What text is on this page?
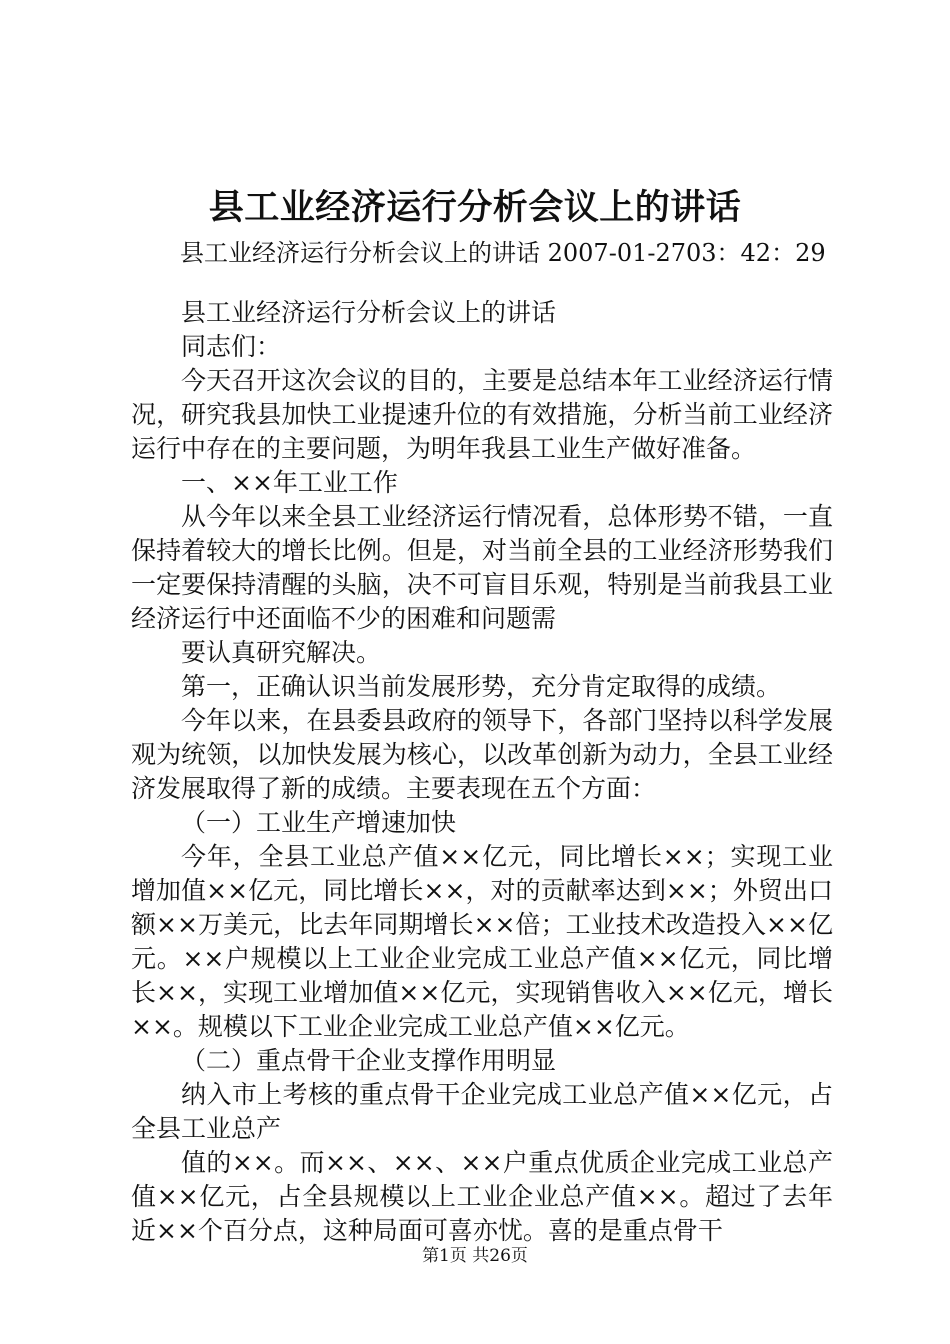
县工业经济运行分析会议上的讲话
县工业经济运行分析会议上的讲话 2007-01-2703：42：29

县工业经济运行分析会议上的讲话

同志们：

今天召开这次会议的目的，主要是总结本年工业经济运行情况，研究我县加快工业提速升位的有效措施，分析当前工业经济运行中存在的主要问题，为明年我县工业生产做好准备。

一、××年工业工作

从今年以来全县工业经济运行情况看，总体形势不错，一直保持着较大的增长比例。但是，对当前全县的工业经济形势我们一定要保持清醒的头脑，决不可盲目乐观，特别是当前我县工业经济运行中还面临不少的困难和问题需

要认真研究解决。

第一，正确认识当前发展形势，充分肯定取得的成绩。

今年以来，在县委县政府的领导下，各部门坚持以科学发展观为统领，以加快发展为核心，以改革创新为动力，全县工业经济发展取得了新的成绩。主要表现在五个方面：

（一）工业生产增速加快

今年，全县工业总产值××亿元，同比增长××；实现工业增加值××亿元，同比增长××，对的贡献率达到××；外贸出口额××万美元，比去年同期增长××倍；工业技术改造投入××亿元。××户规模以上工业企业完成工业总产值××亿元，同比增长××，实现工业增加值××亿元，实现销售收入××亿元，增长××。规模以下工业企业完成工业总产值××亿元。

（二）重点骨干企业支撑作用明显

纳入市上考核的重点骨干企业完成工业总产值××亿元，占全县工业总产

值的××。而××、××、××户重点优质企业完成工业总产值××亿元，占全县规模以上工业企业总产值××。超过了去年近××个百分点，这种局面可喜亦忧。喜的是重点骨干

第1页 共26页
